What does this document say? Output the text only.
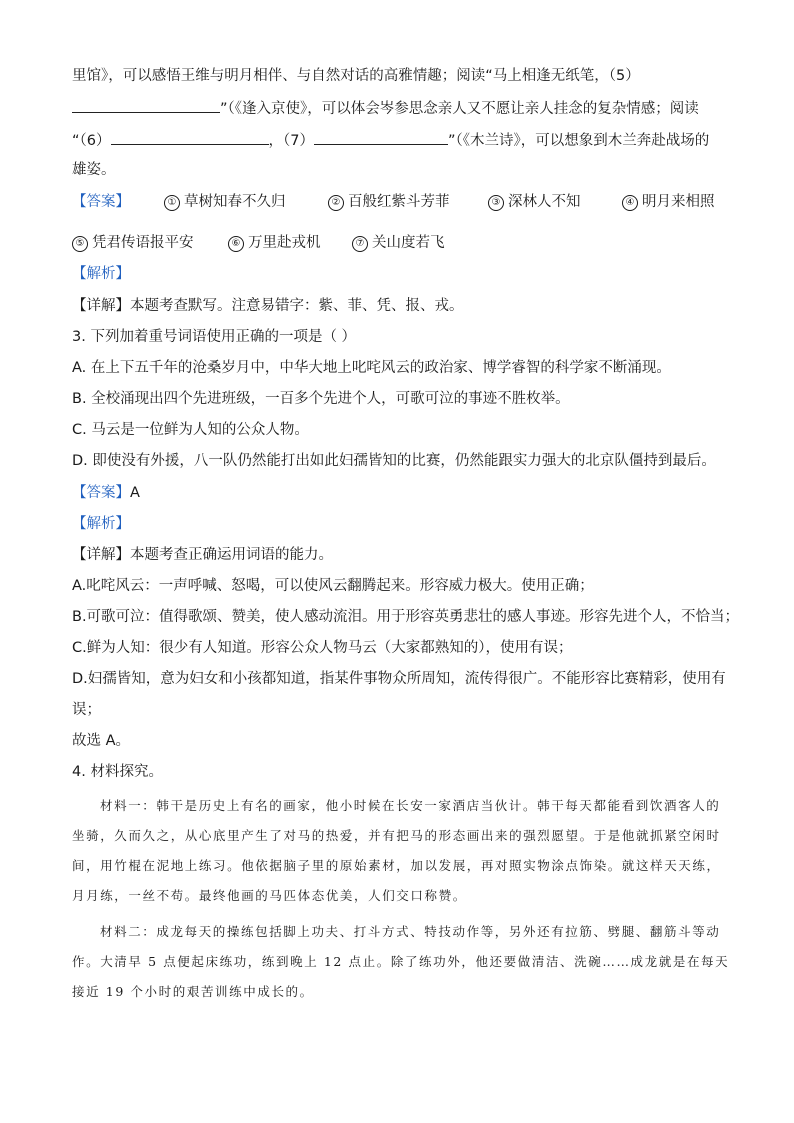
里馆》，可以感悟王维与明月相伴、与自然对话的高雅情趣；阅读“马上相逢无纸笔，（5）
”（《逢入京使》，可以体会岑参思念亲人又不愿让亲人挂念的复杂情感；阅读
“（6）	，（7）	”（《木兰诗》，可以想象到木兰奔赴战场的
雄姿。
【答案】	① 草树知春不久归	② 百般红紫斗芳菲	③ 深林人不知	④ 明月来相照
⑤ 凭君传语报平安	⑥ 万里赴戎机	⑦ 关山度若飞
【解析】
【详解】本题考查默写。注意易错字：紫、菲、凭、报、戎。
3. 下列加着重号词语使用正确的一项是（ ）
A. 在上下五千年的沧桑岁月中，中华大地上叱咤风云的政治家、博学睿智的科学家不断涌现。
B. 全校涌现出四个先进班级，一百多个先进个人，可歌可泣的事迹不胜枚举。
C. 马云是一位鲜为人知的公众人物。
D. 即使没有外援，八一队仍然能打出如此妇孺皆知的比赛，仍然能跟实力强大的北京队僵持到最后。
【答案】A
【解析】
【详解】本题考查正确运用词语的能力。
A.叱咤风云：一声呼喊、怒喝，可以使风云翻腾起来。形容威力极大。使用正确；
B.可歌可泣：值得歌颂、赞美，使人感动流泪。用于形容英勇悲壮的感人事迹。形容先进个人，不恰当；
C.鲜为人知：很少有人知道。形容公众人物马云（大家都熟知的），使用有误；
D.妇孺皆知，意为妇女和小孩都知道，指某件事物众所周知，流传得很广。不能形容比赛精彩，使用有
误；
故选 A。
4. 材料探究。
材料一：韩干是历史上有名的画家，他小时候在长安一家酒店当伙计。韩干每天都能看到饮酒客人的
坐骑，久而久之，从心底里产生了对马的热爱，并有把马的形态画出来的强烈愿望。于是他就抓紧空闲时
间，用竹棍在泥地上练习。他依据脑子里的原始素材，加以发展，再对照实物涂点饰染。就这样天天练，
月月练，一丝不苟。最终他画的马匹体态优美，人们交口称赞。
材料二：成龙每天的操练包括脚上功夫、打斗方式、特技动作等，另外还有拉筋、劈腿、翻筋斗等动
作。大清早 5 点便起床练功，练到晚上 12 点止。除了练功外，他还要做清洁、洗碗……成龙就是在每天
接近 19 个小时的艰苦训练中成长的。
